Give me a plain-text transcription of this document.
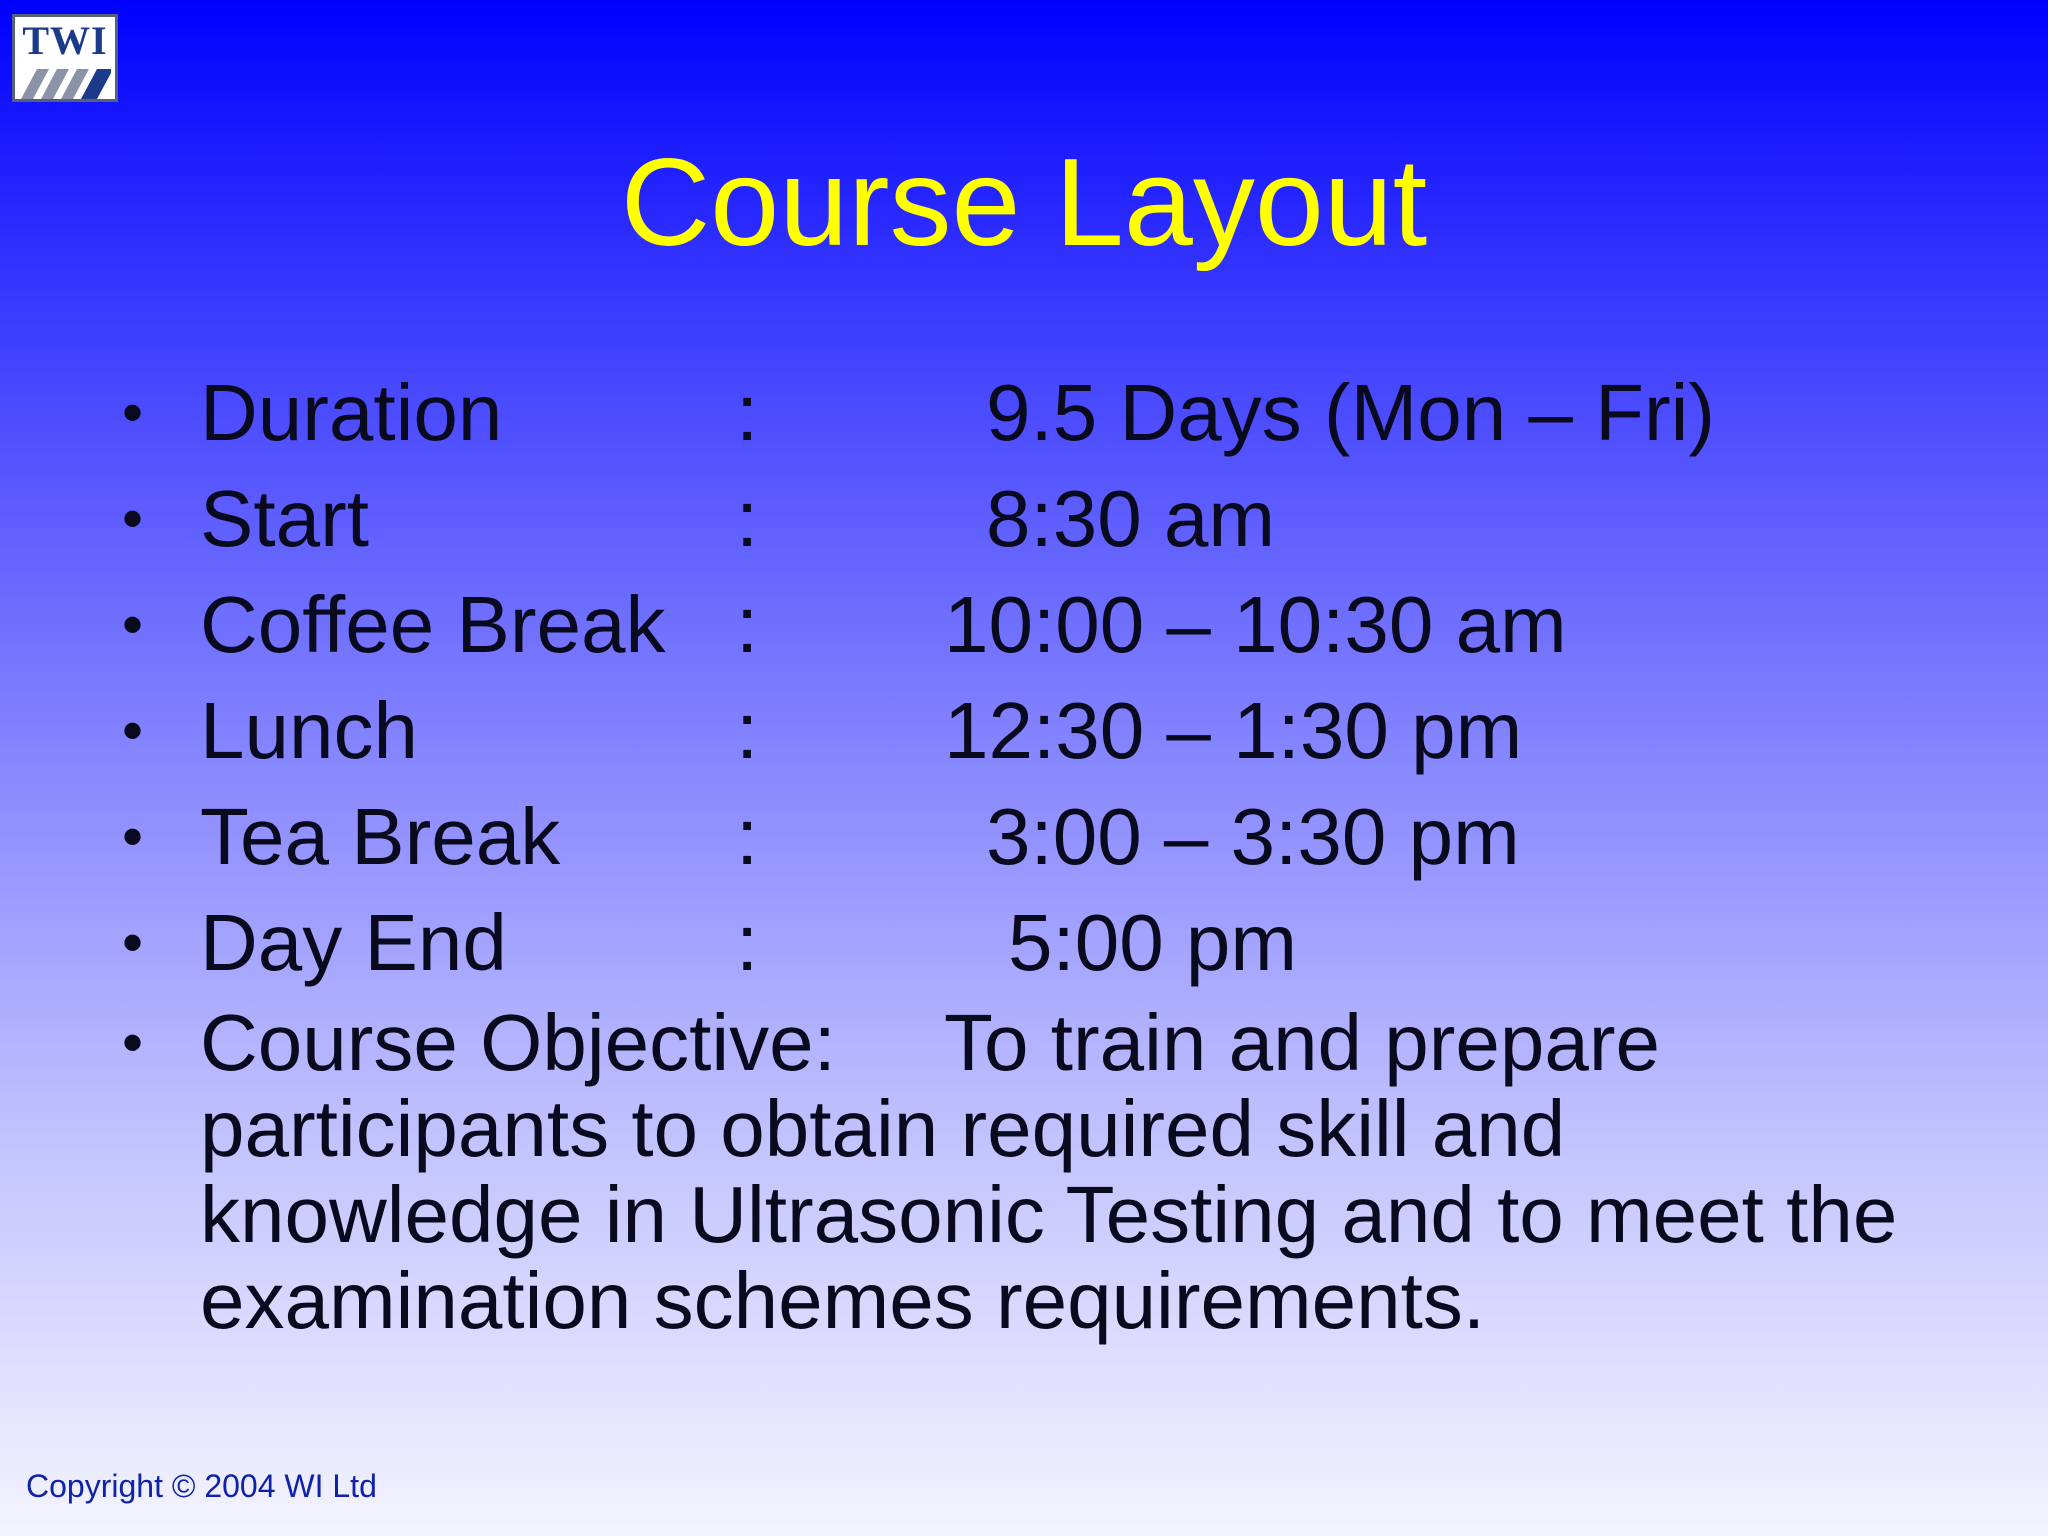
TWI
Course Layout
• Duration	:	9.5 Days (Mon – Fri)
• Start	:	8:30 am
• Coffee Break : 10:00 – 10:30 am
• Lunch	: 12:30 – 1:30 pm
• Tea Break :	3:00 – 3:30 pm
• Day End	:	5:00 pm
• Course Objective: To train and prepare participants to obtain required skill and knowledge in Ultrasonic Testing and to meet the examination schemes requirements.
Copyright © 2004 WI Ltd
